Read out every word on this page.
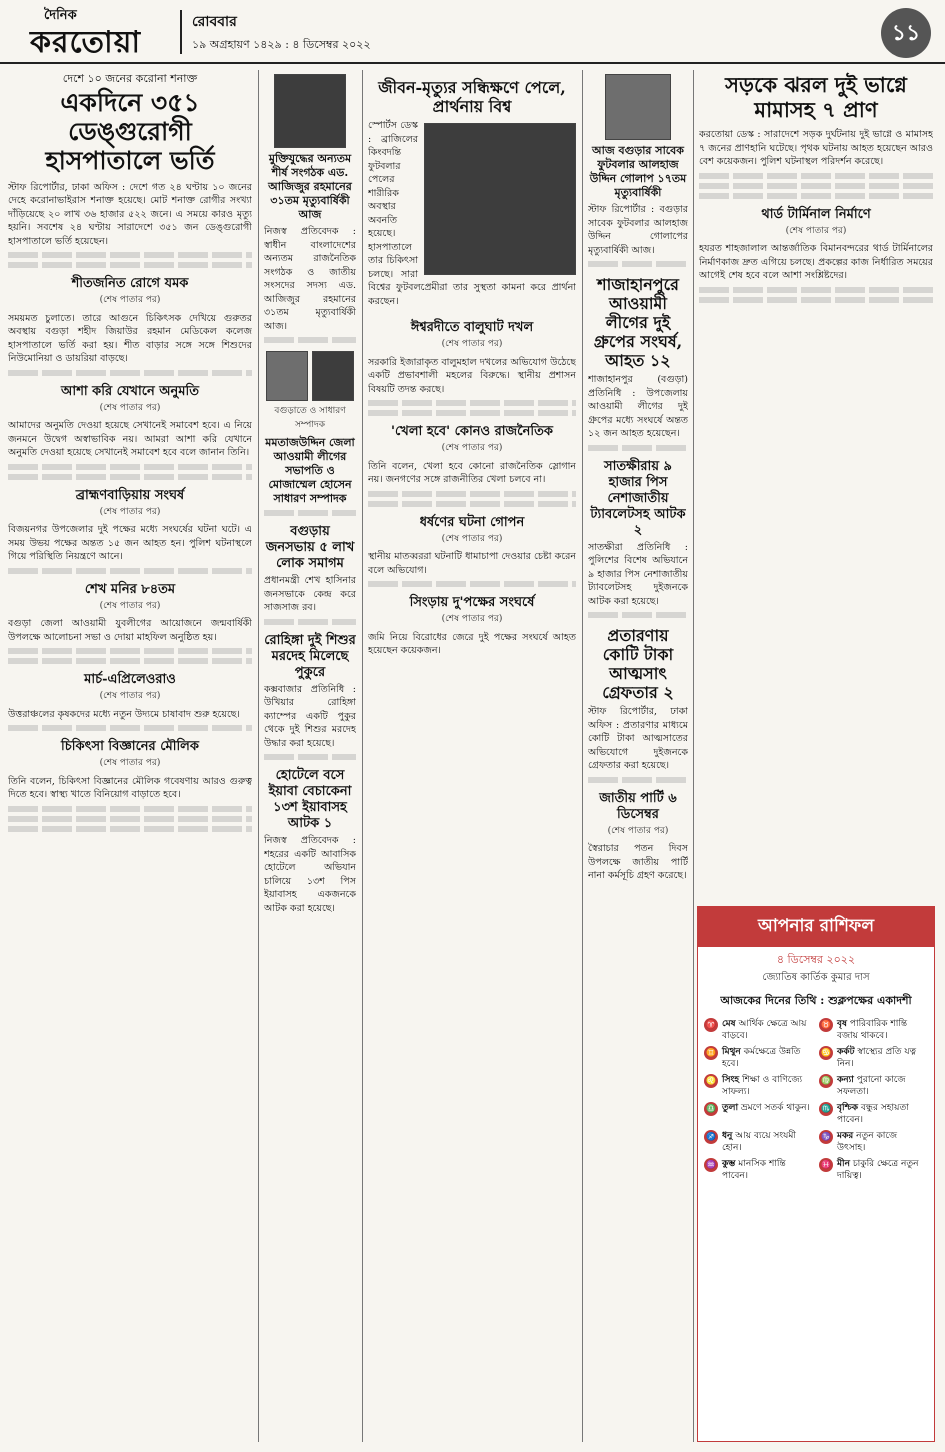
দৈনিক
করতোয়া
রোববার
১৯ অগ্রহায়ণ ১৪২৯ : ৪ ডিসেম্বর ২০২২	১১
দেশে ১০ জনের করোনা শনাক্ত
একদিনে ৩৫১ ডেঙ্গুরোগী হাসপাতালে ভর্তি

স্টাফ রিপোর্টার, ঢাকা অফিস : দেশে গত ২৪ ঘণ্টায় ১০ জনের দেহে করোনাভাইরাস শনাক্ত হয়েছে। মোট শনাক্ত রোগীর সংখ্যা দাঁড়িয়েছে ২০ লাখ ৩৬ হাজার ৫২২ জনে। এ সময়ে কারও মৃত্যু হয়নি। সবশেষ ২৪ ঘণ্টায় সারাদেশে ৩৫১ জন ডেঙ্গুরোগী হাসপাতালে ভর্তি হয়েছেন।

শীতজনিত রোগে যমক
(শেষ পাতার পর)

সময়মত চুলাতে। তারে আগুনে চিকিৎসক দেখিয়ে গুরুতর অবস্থায় বগুড়া শহীদ জিয়াউর রহমান মেডিকেল কলেজ হাসপাতালে ভর্তি করা হয়। শীত বাড়ার সঙ্গে সঙ্গে শিশুদের নিউমোনিয়া ও ডায়রিয়া বাড়ছে।

আশা করি যেখানে অনুমতি
(শেষ পাতার পর)

আমাদের অনুমতি দেওয়া হয়েছে সেখানেই সমাবেশ হবে। এ নিয়ে জনমনে উদ্বেগ অস্বাভাবিক নয়। আমরা আশা করি যেখানে অনুমতি দেওয়া হয়েছে সেখানেই সমাবেশ হবে বলে জানান তিনি।

ব্রাহ্মণবাড়িয়ায় সংঘর্ষ
(শেষ পাতার পর)

বিজয়নগর উপজেলার দুই পক্ষের মধ্যে সংঘর্ষের ঘটনা ঘটে। এ সময় উভয় পক্ষের অন্তত ১৫ জন আহত হন। পুলিশ ঘটনাস্থলে গিয়ে পরিস্থিতি নিয়ন্ত্রণে আনে।

শেখ মনির ৮৪তম
(শেষ পাতার পর)

বগুড়া জেলা আওয়ামী যুবলীগের আয়োজনে জন্মবার্ষিকী উপলক্ষে আলোচনা সভা ও দোয়া মাহফিল অনুষ্ঠিত হয়।

মার্চ-এপ্রিলেওরাও
(শেষ পাতার পর)

উত্তরাঞ্চলের কৃষকদের মধ্যে নতুন উদ্যমে চাষাবাদ শুরু হয়েছে।

চিকিৎসা বিজ্ঞানের মৌলিক
(শেষ পাতার পর)

তিনি বলেন, চিকিৎসা বিজ্ঞানের মৌলিক গবেষণায় আরও গুরুত্ব দিতে হবে। স্বাস্থ্য খাতে বিনিয়োগ বাড়াতে হবে।

মুক্তিযুদ্ধের অন্যতম শীর্ষ সংগঠক এড. আজিজুর রহমানের ৩১তম মৃত্যুবার্ষিকী আজ

নিজস্ব প্রতিবেদক : স্বাধীন বাংলাদেশের অন্যতম রাজনৈতিক সংগঠক ও জাতীয় সংসদের সদস্য এড. আজিজুর রহমানের ৩১তম মৃত্যুবার্ষিকী আজ।

বগুড়াতে ও সাধারণ সম্পাদক
মমতাজউদ্দিন জেলা আওয়ামী লীগের সভাপতি ও মোজাম্মেল হোসেন সাধারণ সম্পাদক
বগুড়ায় জনসভায় ৫ লাখ লোক সমাগম

প্রধানমন্ত্রী শেখ হাসিনার জনসভাকে কেন্দ্র করে সাজসাজ রব।

রোহিঙ্গা দুই শিশুর মরদেহ মিলেছে পুকুরে

কক্সবাজার প্রতিনিধি : উখিয়ার রোহিঙ্গা ক্যাম্পের একটি পুকুর থেকে দুই শিশুর মরদেহ উদ্ধার করা হয়েছে।

হোটেলে বসে ইয়াবা বেচাকেনা ১৩শ ইয়াবাসহ আটক ১

নিজস্ব প্রতিবেদক : শহরের একটি আবাসিক হোটেলে অভিযান চালিয়ে ১৩শ পিস ইয়াবাসহ একজনকে আটক করা হয়েছে।

জীবন-মৃত্যুর সন্ধিক্ষণে পেলে, প্রার্থনায় বিশ্ব

স্পোর্টস ডেস্ক : ব্রাজিলের কিংবদন্তি ফুটবলার পেলের শারীরিক অবস্থার অবনতি হয়েছে। হাসপাতালে তার চিকিৎসা চলছে। সারা বিশ্বের ফুটবলপ্রেমীরা তার সুস্থতা কামনা করে প্রার্থনা করছেন।

ঈশ্বরদীতে বালুঘাট দখল
(শেষ পাতার পর)

সরকারি ইজারাকৃত বালুমহাল দখলের অভিযোগ উঠেছে একটি প্রভাবশালী মহলের বিরুদ্ধে। স্থানীয় প্রশাসন বিষয়টি তদন্ত করছে।

'খেলা হবে' কোনও রাজনৈতিক
(শেষ পাতার পর)

তিনি বলেন, খেলা হবে কোনো রাজনৈতিক স্লোগান নয়। জনগণের সঙ্গে রাজনীতির খেলা চলবে না।

ধর্ষণের ঘটনা গোপন
(শেষ পাতার পর)

স্থানীয় মাতব্বররা ঘটনাটি ধামাচাপা দেওয়ার চেষ্টা করেন বলে অভিযোগ।

সিংড়ায় দু'পক্ষের সংঘর্ষে
(শেষ পাতার পর)

জমি নিয়ে বিরোধের জেরে দুই পক্ষের সংঘর্ষে আহত হয়েছেন কয়েকজন।

আজ বগুড়ার সাবেক ফুটবলার আলহাজ উদ্দিন গোলাপ ১৭তম মৃত্যুবার্ষিকী

স্টাফ রিপোর্টার : বগুড়ার সাবেক ফুটবলার আলহাজ উদ্দিন গোলাপের মৃত্যুবার্ষিকী আজ।

শাজাহানপুরে আওয়ামী লীগের দুই গ্রুপের সংঘর্ষ, আহত ১২

শাজাহানপুর (বগুড়া) প্রতিনিধি : উপজেলায় আওয়ামী লীগের দুই গ্রুপের মধ্যে সংঘর্ষে অন্তত ১২ জন আহত হয়েছেন।

সাতক্ষীরায় ৯ হাজার পিস নেশাজাতীয় ট্যাবলেটসহ আটক ২

সাতক্ষীরা প্রতিনিধি : পুলিশের বিশেষ অভিযানে ৯ হাজার পিস নেশাজাতীয় ট্যাবলেটসহ দুইজনকে আটক করা হয়েছে।

প্রতারণায় কোটি টাকা আত্মসাৎ গ্রেফতার ২

স্টাফ রিপোর্টার, ঢাকা অফিস : প্রতারণার মাধ্যমে কোটি টাকা আত্মসাতের অভিযোগে দুইজনকে গ্রেফতার করা হয়েছে।

জাতীয় পার্টি ৬ ডিসেম্বর
(শেষ পাতার পর)

স্বৈরাচার পতন দিবস উপলক্ষে জাতীয় পার্টি নানা কর্মসূচি গ্রহণ করেছে।

সড়কে ঝরল দুই ভাগ্নে মামাসহ ৭ প্রাণ

করতোয়া ডেস্ক : সারাদেশে সড়ক দুর্ঘটনায় দুই ভাগ্নে ও মামাসহ ৭ জনের প্রাণহানি ঘটেছে। পৃথক ঘটনায় আহত হয়েছেন আরও বেশ কয়েকজন। পুলিশ ঘটনাস্থল পরিদর্শন করেছে।

থার্ড টার্মিনাল নির্মাণে
(শেষ পাতার পর)

হযরত শাহজালাল আন্তর্জাতিক বিমানবন্দরের থার্ড টার্মিনালের নির্মাণকাজ দ্রুত এগিয়ে চলছে। প্রকল্পের কাজ নির্ধারিত সময়ের আগেই শেষ হবে বলে আশা সংশ্লিষ্টদের।

আপনার রাশিফল
৪ ডিসেম্বর ২০২২
জ্যোতিষ কার্তিক কুমার দাস
আজকের দিনের তিথি : শুক্লপক্ষের একাদশী
♈ মেষ আর্থিক ক্ষেত্রে আয় বাড়বে।
♉ বৃষ পারিবারিক শান্তি বজায় থাকবে।
♊ মিথুন কর্মক্ষেত্রে উন্নতি হবে।
♋ কর্কট স্বাস্থ্যের প্রতি যত্ন নিন।
♌ সিংহ শিক্ষা ও বাণিজ্যে সাফল্য।
♍ কন্যা পুরানো কাজে সফলতা।
♎ তুলা ভ্রমণে সতর্ক থাকুন। ♏ বৃশ্চিক বন্ধুর সহায়তা পাবেন।
♐ ধনু আয় ব্যয়ে সংযমী হোন।
♑ মকর নতুন কাজে উৎসাহ।
♒ কুম্ভ মানসিক শান্তি পাবেন।
♓ মীন চাকুরি ক্ষেত্রে নতুন দায়িত্ব।
